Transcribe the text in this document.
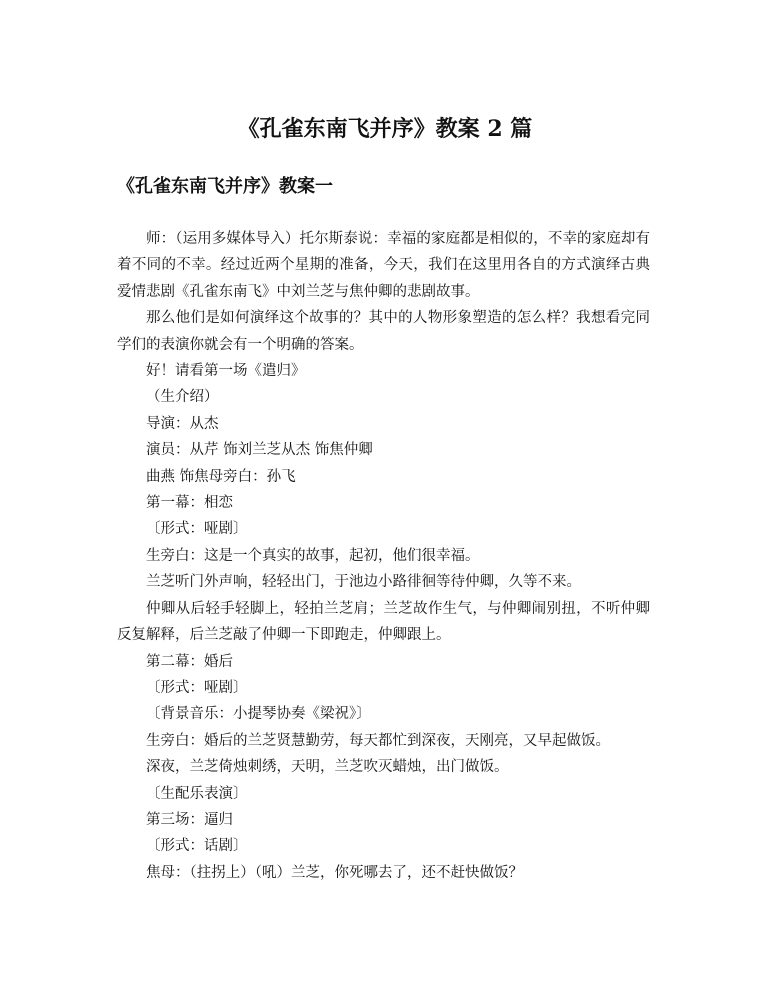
《孔雀东南飞并序》教案 2 篇
《孔雀东南飞并序》教案一

师：（运用多媒体导入）托尔斯泰说：幸福的家庭都是相似的，不幸的家庭却有着不同的不幸。经过近两个星期的准备，今天，我们在这里用各自的方式演绎古典爱情悲剧《孔雀东南飞》中刘兰芝与焦仲卿的悲剧故事。

那么他们是如何演绎这个故事的？其中的人物形象塑造的怎么样？我想看完同学们的表演你就会有一个明确的答案。

好！请看第一场《遣归》

（生介绍）

导演：从杰

演员：从芹 饰刘兰芝从杰 饰焦仲卿

曲燕 饰焦母旁白：孙飞

第一幕：相恋

〔形式：哑剧〕

生旁白：这是一个真实的故事，起初，他们很幸福。

兰芝听门外声响，轻轻出门，于池边小路徘徊等待仲卿，久等不来。

仲卿从后轻手轻脚上，轻拍兰芝肩；兰芝故作生气，与仲卿闹别扭，不听仲卿反复解释，后兰芝敲了仲卿一下即跑走，仲卿跟上。

第二幕：婚后

〔形式：哑剧〕

〔背景音乐：小提琴协奏《梁祝》〕

生旁白：婚后的兰芝贤慧勤劳，每天都忙到深夜，天刚亮，又早起做饭。

深夜，兰芝倚烛刺绣，天明，兰芝吹灭蜡烛，出门做饭。

〔生配乐表演〕

第三场：逼归

〔形式：话剧〕

焦母：（拄拐上）（吼）兰芝，你死哪去了，还不赶快做饭？
